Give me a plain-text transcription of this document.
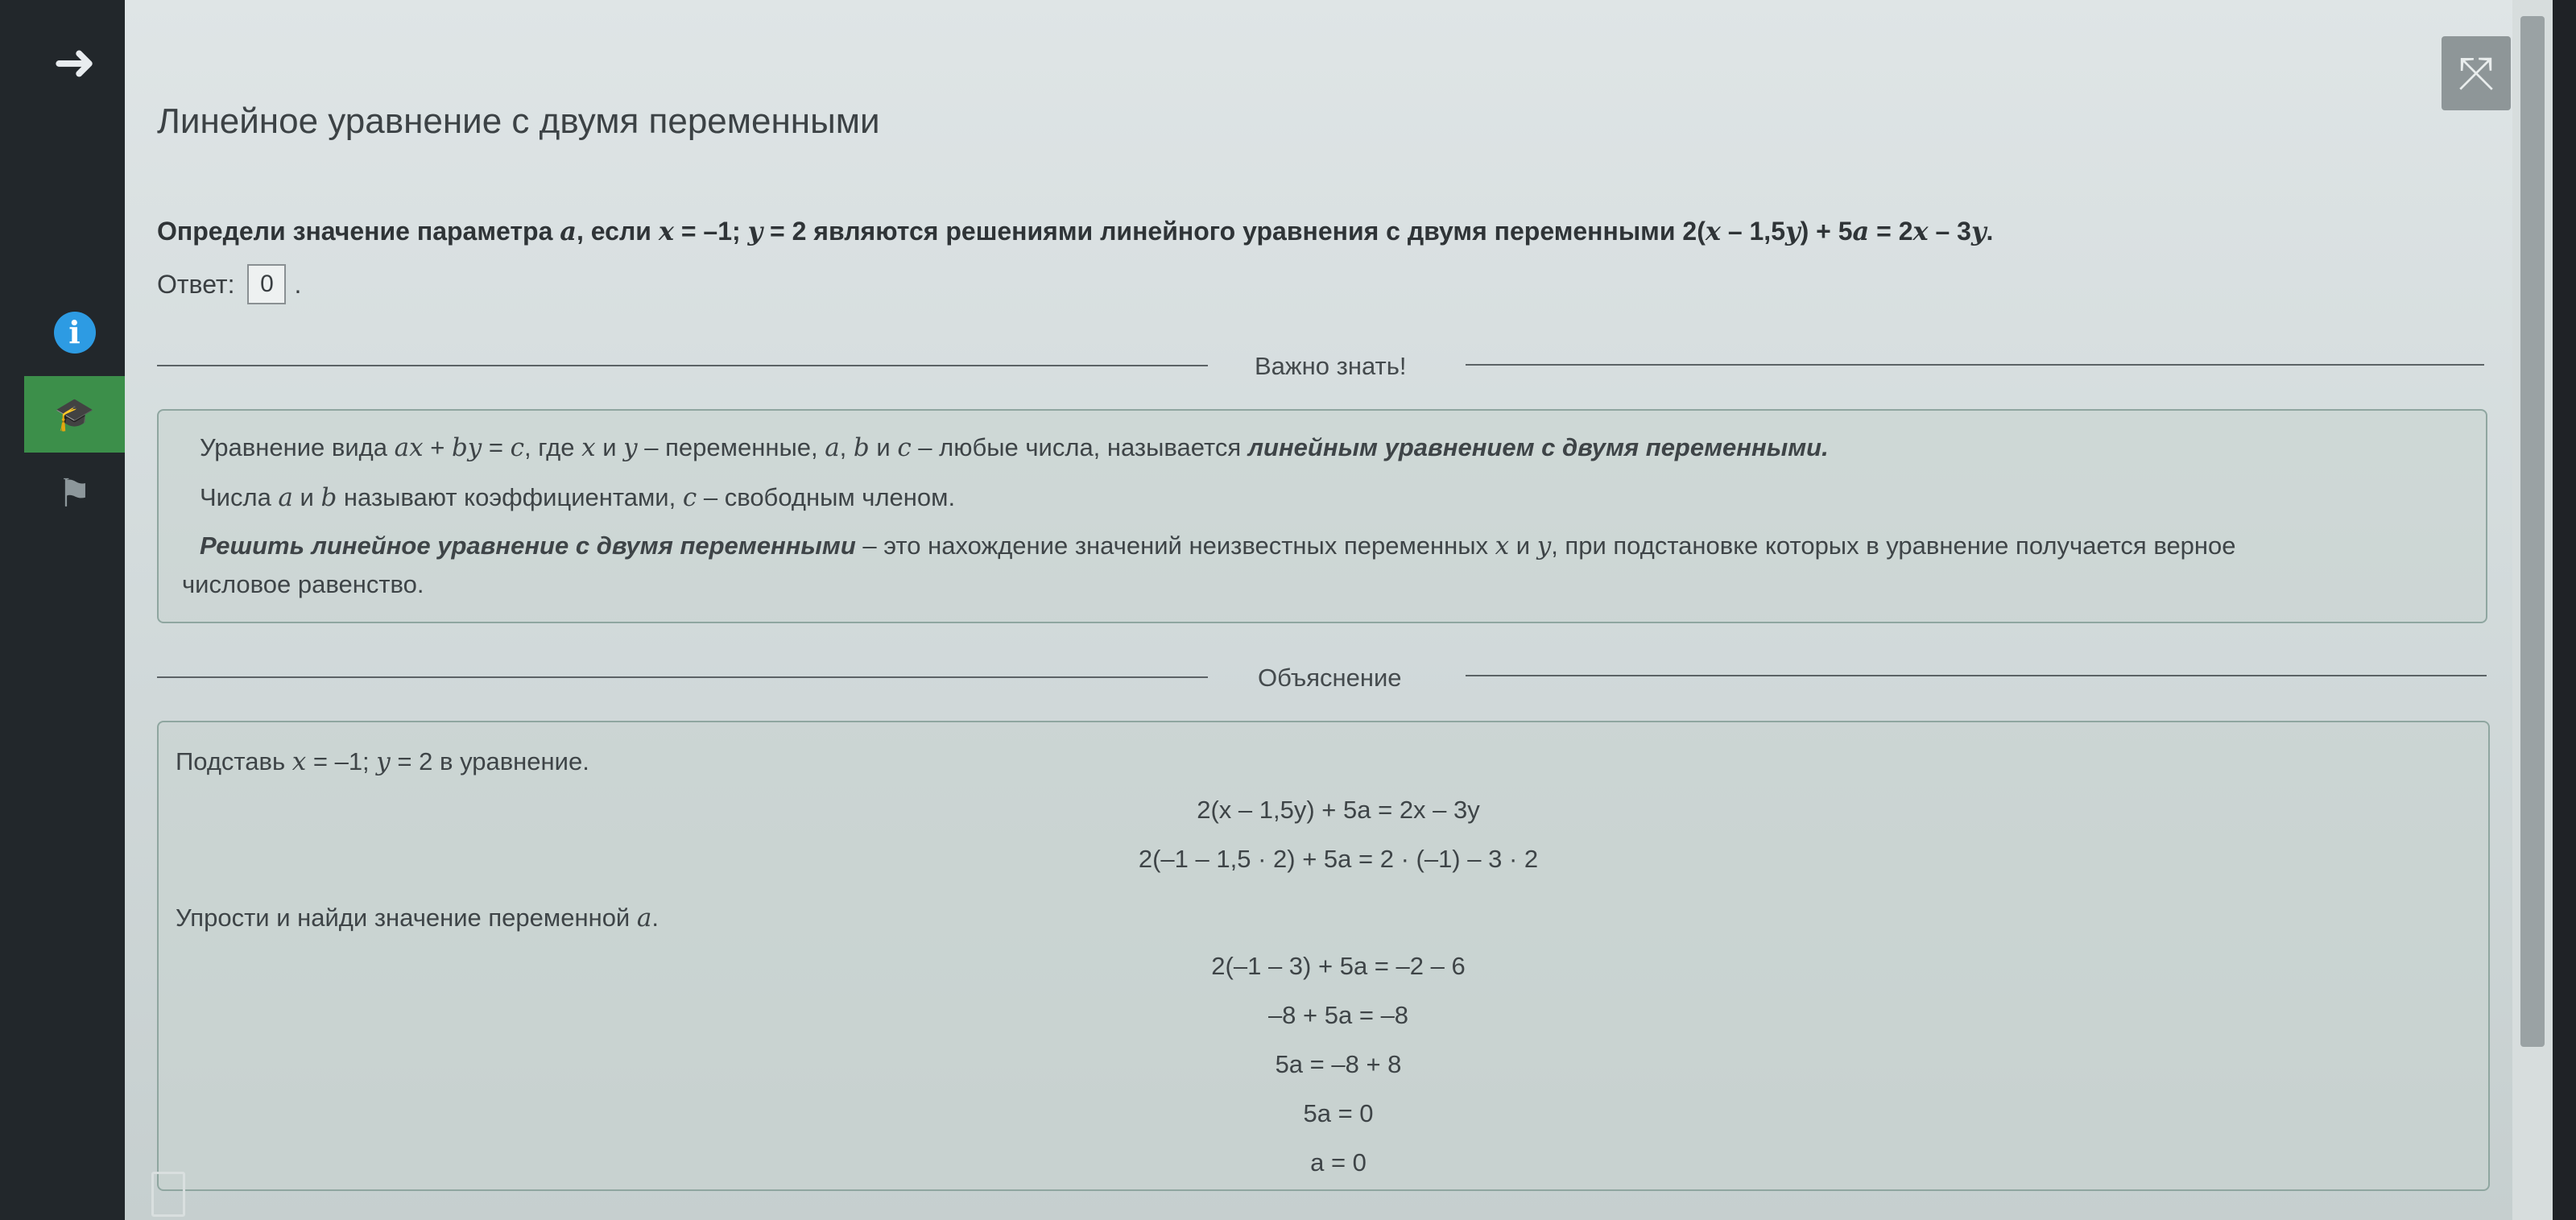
➜
i
🎓
⚑
⤧
Линейное уравнение с двумя переменными
Определи значение параметра a, если x = –1; y = 2 являются решениями линейного уравнения с двумя переменными 2(x – 1,5y) + 5a = 2x – 3y.
Ответ:	0 .
Важно знать!
Уравнение вида ax + by = c, где x и y – переменные, a, b и c – любые числа, называется линейным уравнением с двумя переменными.
Числа a и b называют коэффициентами, c – свободным членом.
Решить линейное уравнение с двумя переменными – это нахождение значений неизвестных переменных x и y, при подстановке которых в уравнение получается верное
числовое равенство.
Объяснение
Подставь x = –1; y = 2 в уравнение.
2(x – 1,5y) + 5a = 2x – 3y
2(–1 – 1,5 · 2) + 5a = 2 · (–1) – 3 · 2
Упрости и найди значение переменной a.
2(–1 – 3) + 5a = –2 – 6
–8 + 5a = –8
5a = –8 + 8
5a = 0
a = 0
